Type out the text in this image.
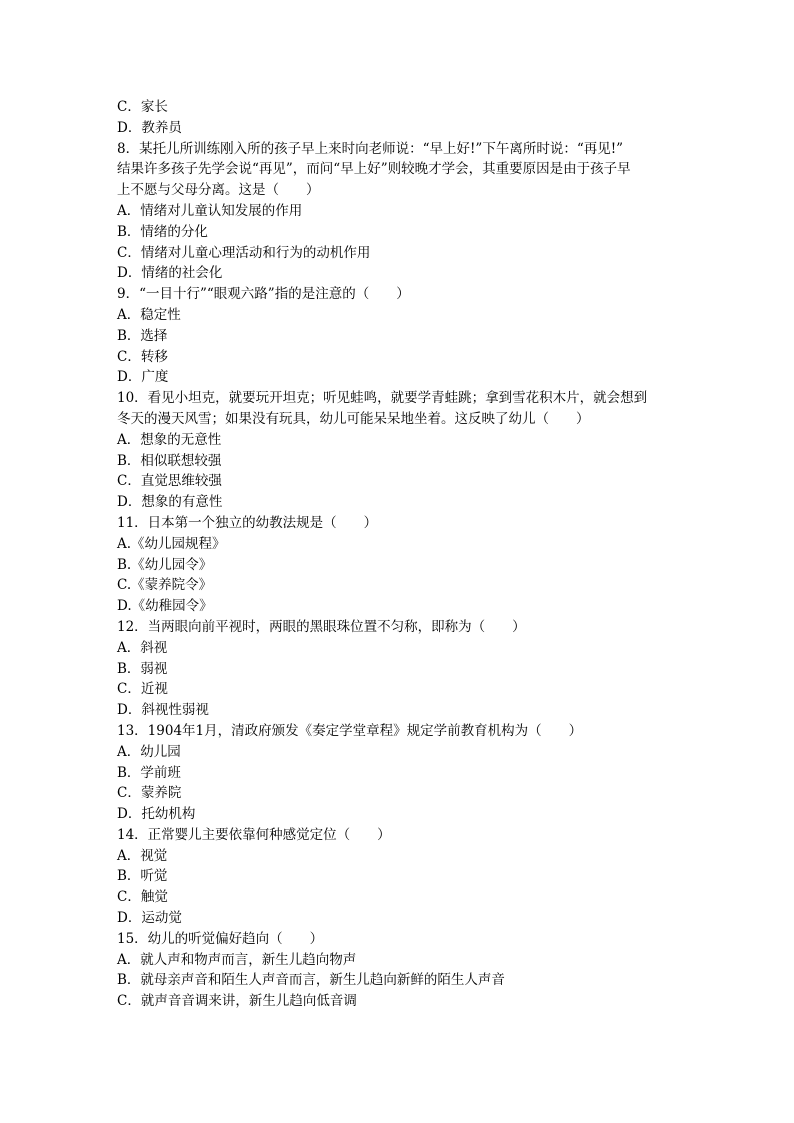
C．家长

D．教养员

8．某托儿所训练刚入所的孩子早上来时向老师说：“早上好!”下午离所时说：“再见!”

结果许多孩子先学会说“再见”，而问“早上好”则较晚才学会，其重要原因是由于孩子早

上不愿与父母分离。这是（　　）

A．情绪对儿童认知发展的作用

B．情绪的分化

C．情绪对儿童心理活动和行为的动机作用

D．情绪的社会化

9．“一目十行”“眼观六路”指的是注意的（　　）

A．稳定性

B．选择

C．转移

D．广度

10．看见小坦克，就要玩开坦克；听见蛙鸣，就要学青蛙跳；拿到雪花积木片，就会想到

冬天的漫天风雪；如果没有玩具，幼儿可能呆呆地坐着。这反映了幼儿（　　）

A．想象的无意性

B．相似联想较强

C．直觉思维较强

D．想象的有意性

11．日本第一个独立的幼教法规是（　　）

A.《幼儿园规程》

B.《幼儿园令》

C.《蒙养院令》

D.《幼稚园令》

12．当两眼向前平视时，两眼的黑眼珠位置不匀称，即称为（　　）

A．斜视

B．弱视

C．近视

D．斜视性弱视

13．1904年1月，清政府颁发《奏定学堂章程》规定学前教育机构为（　　）

A．幼儿园

B．学前班

C．蒙养院

D．托幼机构

14．正常婴儿主要依靠何种感觉定位（　　）

A．视觉

B．听觉

C．触觉

D．运动觉

15．幼儿的听觉偏好趋向（　　）

A．就人声和物声而言，新生儿趋向物声

B．就母亲声音和陌生人声音而言，新生儿趋向新鲜的陌生人声音

C．就声音音调来讲，新生儿趋向低音调
